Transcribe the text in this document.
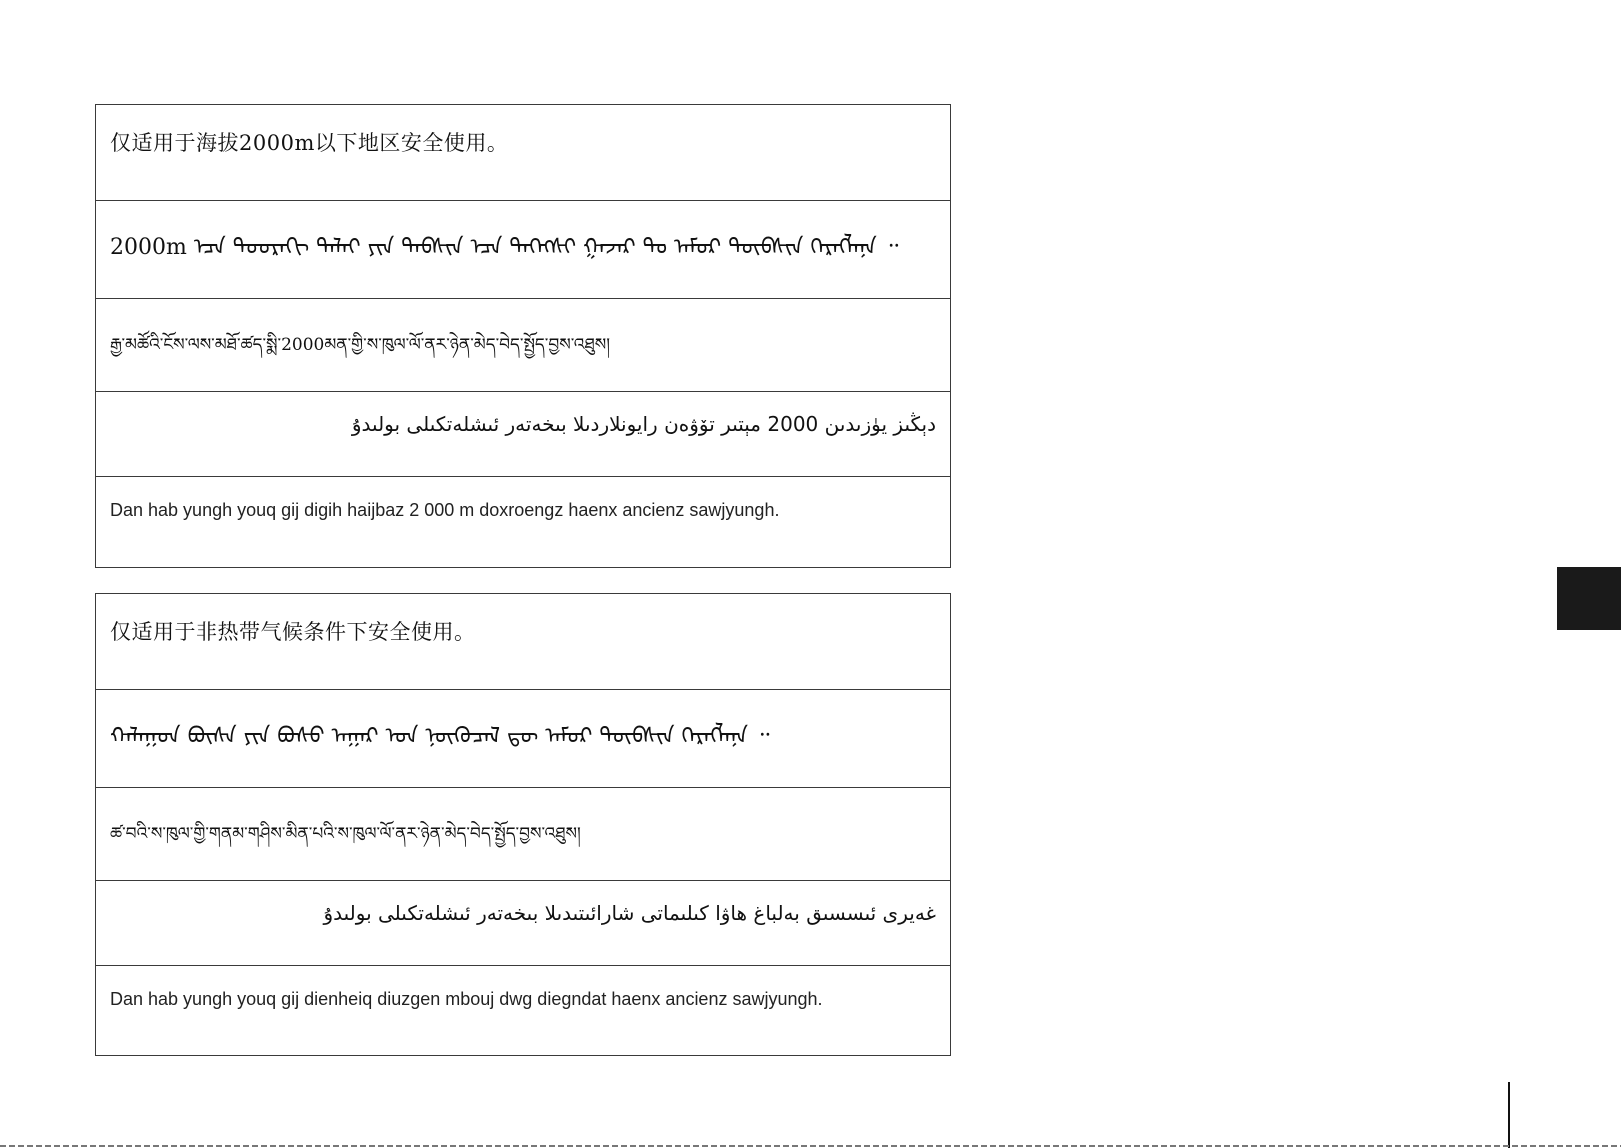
仅适用于海拔2000m以下地区安全使用。
2000m ᠡᠴᠡ ᠳᠣᠣᠷᠠᠬᠢ ᠳᠠᠯᠠᠢ ᠶᠢᠨ ᠲᠡᠪᠰᠢᠨ ᠡᠴᠡ ᠳᠡᠭᠡᠭᠰᠢ ᠭᠠᠵᠠᠷ ᠲᠤ ᠠᠮᠤᠷ ᠲᠦᠪᠰᠢᠨ ᠬᠡᠷᠡᠭᠯᠡᠨᠡ ᠃
རྒྱ་མཚོའི་ངོས་ལས་མཐོ་ཚད་སྨི་2000མན་གྱི་ས་ཁུལ་ལོ་ནར་ཉེན་མེད་བེད་སྤྱོད་བྱས་འཐུས།
دېڭىز يۈزىدىن 2000 مېتىر تۆۋەن رايونلاردىلا بىخەتەر ئىشلەتكىلى بولىدۇ
Dan hab yungh youq gij digih haijbaz 2 000 m doxroengz haenx ancienz sawjyungh.
仅适用于非热带气候条件下安全使用。
ᠬᠠᠯᠠᠭᠤᠨ ᠪᠦᠰᠡ ᠶᠢᠨ ᠪᠤᠰᠤ ᠠᠭᠠᠷ ᠤᠨ ᠨᠥᠬᠦᠴᠡᠯ ᠳᠦ ᠠᠮᠤᠷ ᠲᠦᠪᠰᠢᠨ ᠬᠡᠷᠡᠭᠯᠡᠨᠡ ᠃
ཚ་བའི་ས་ཁུལ་གྱི་གནམ་གཤིས་མིན་པའི་ས་ཁུལ་ལོ་ནར་ཉེན་མེད་བེད་སྤྱོད་བྱས་འཐུས།
غەيرى ئىسسىق بەلباغ ھاۋا كىلىماتى شارائىتىدىلا بىخەتەر ئىشلەتكىلى بولىدۇ
Dan hab yungh youq gij dienheiq diuzgen mbouj dwg diegndat haenx ancienz sawjyungh.
